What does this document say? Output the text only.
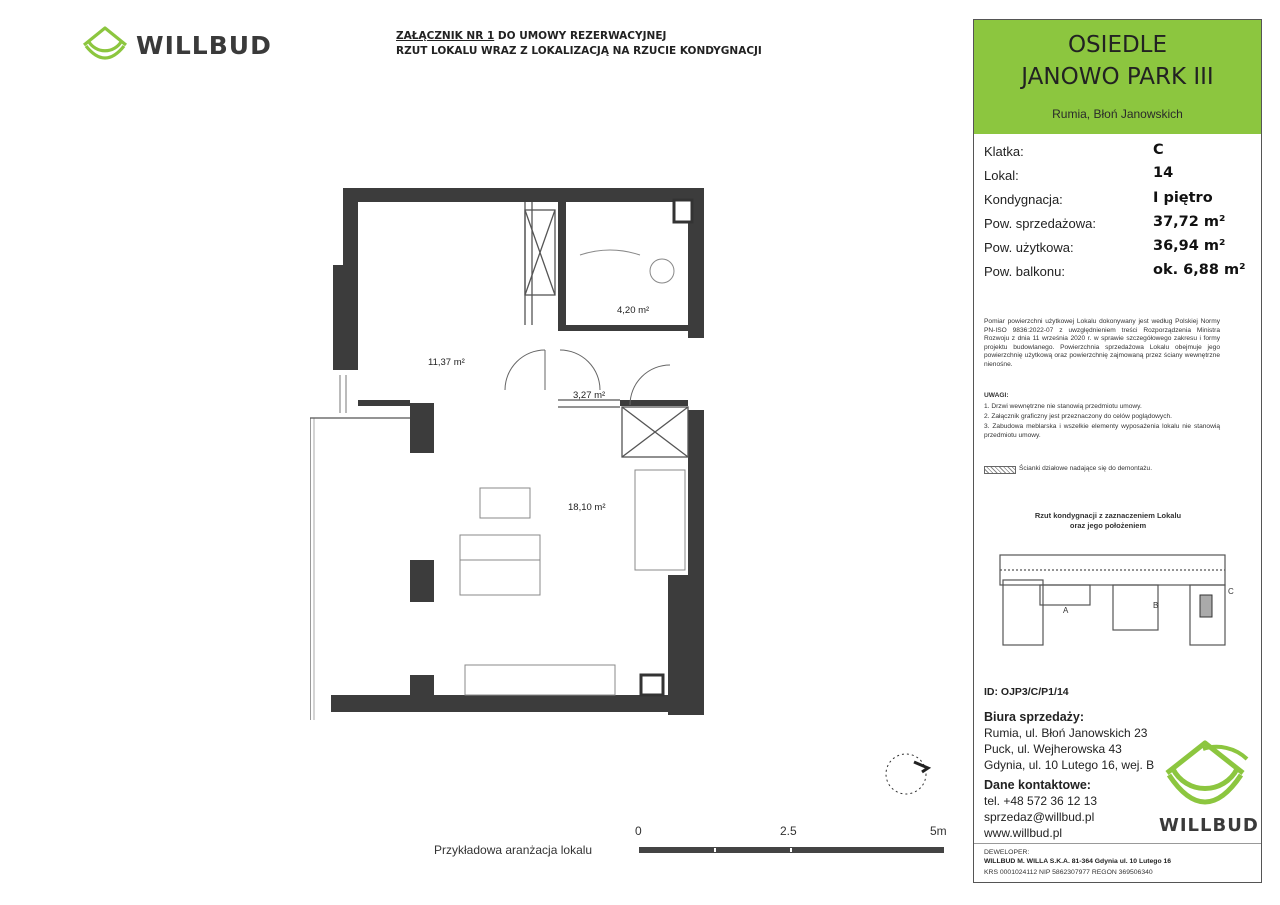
WILLBUD	ZAŁĄCZNIK NR 1 DO UMOWY REZERWACYJNEJ
RZUT LOKALU WRAZ Z LOKALIZACJĄ NA RZUCIE KONDYGNACJI
11,37 m²
4,20 m²
3,27 m²
18,10 m²
Przykładowa aranżacja lokalu
0	2.5	5m
OSIEDLE
JANOWO PARK III
Rumia, Błoń Janowskich
Klatka:	C
Lokal:	14
Kondygnacja:	I piętro
Pow. sprzedażowa:	37,72 m²
Pow. użytkowa:	36,94 m²
Pow. balkonu:	ok. 6,88 m²
Pomiar powierzchni użytkowej Lokalu dokonywany jest według Polskiej Normy PN-ISO 9836:2022-07 z uwzględnieniem treści Rozporządzenia Ministra Rozwoju z dnia 11 września 2020 r. w sprawie szczegółowego zakresu i formy projektu budowlanego. Powierzchnia sprzedażowa Lokalu obejmuje jego powierzchnię użytkową oraz powierzchnię zajmowaną przez ściany wewnętrzne nienośne.
UWAGI:
1. Drzwi wewnętrzne nie stanowią przedmiotu umowy.
2. Załącznik graficzny jest przeznaczony do celów poglądowych.
3. Zabudowa meblarska i wszelkie elementy wyposażenia lokalu nie stanowią przedmiotu umowy.
Ścianki działowe nadające się do demontażu.
Rzut kondygnacji z zaznaczeniem Lokalu
oraz jego położeniem
A
B
C
ID: OJP3/C/P1/14
Biura sprzedaży:
Rumia, ul. Błoń Janowskich 23
Puck, ul. Wejherowska 43
Gdynia, ul. 10 Lutego 16, wej. B
Dane kontaktowe:
tel. +48 572 36 12 13
sprzedaz@willbud.pl
www.willbud.pl	WILLBUD
DEWELOPER:
WILLBUD M. WILLA S.K.A. 81-364 Gdynia ul. 10 Lutego 16
KRS 0001024112 NIP 5862307977 REGON 369506340
